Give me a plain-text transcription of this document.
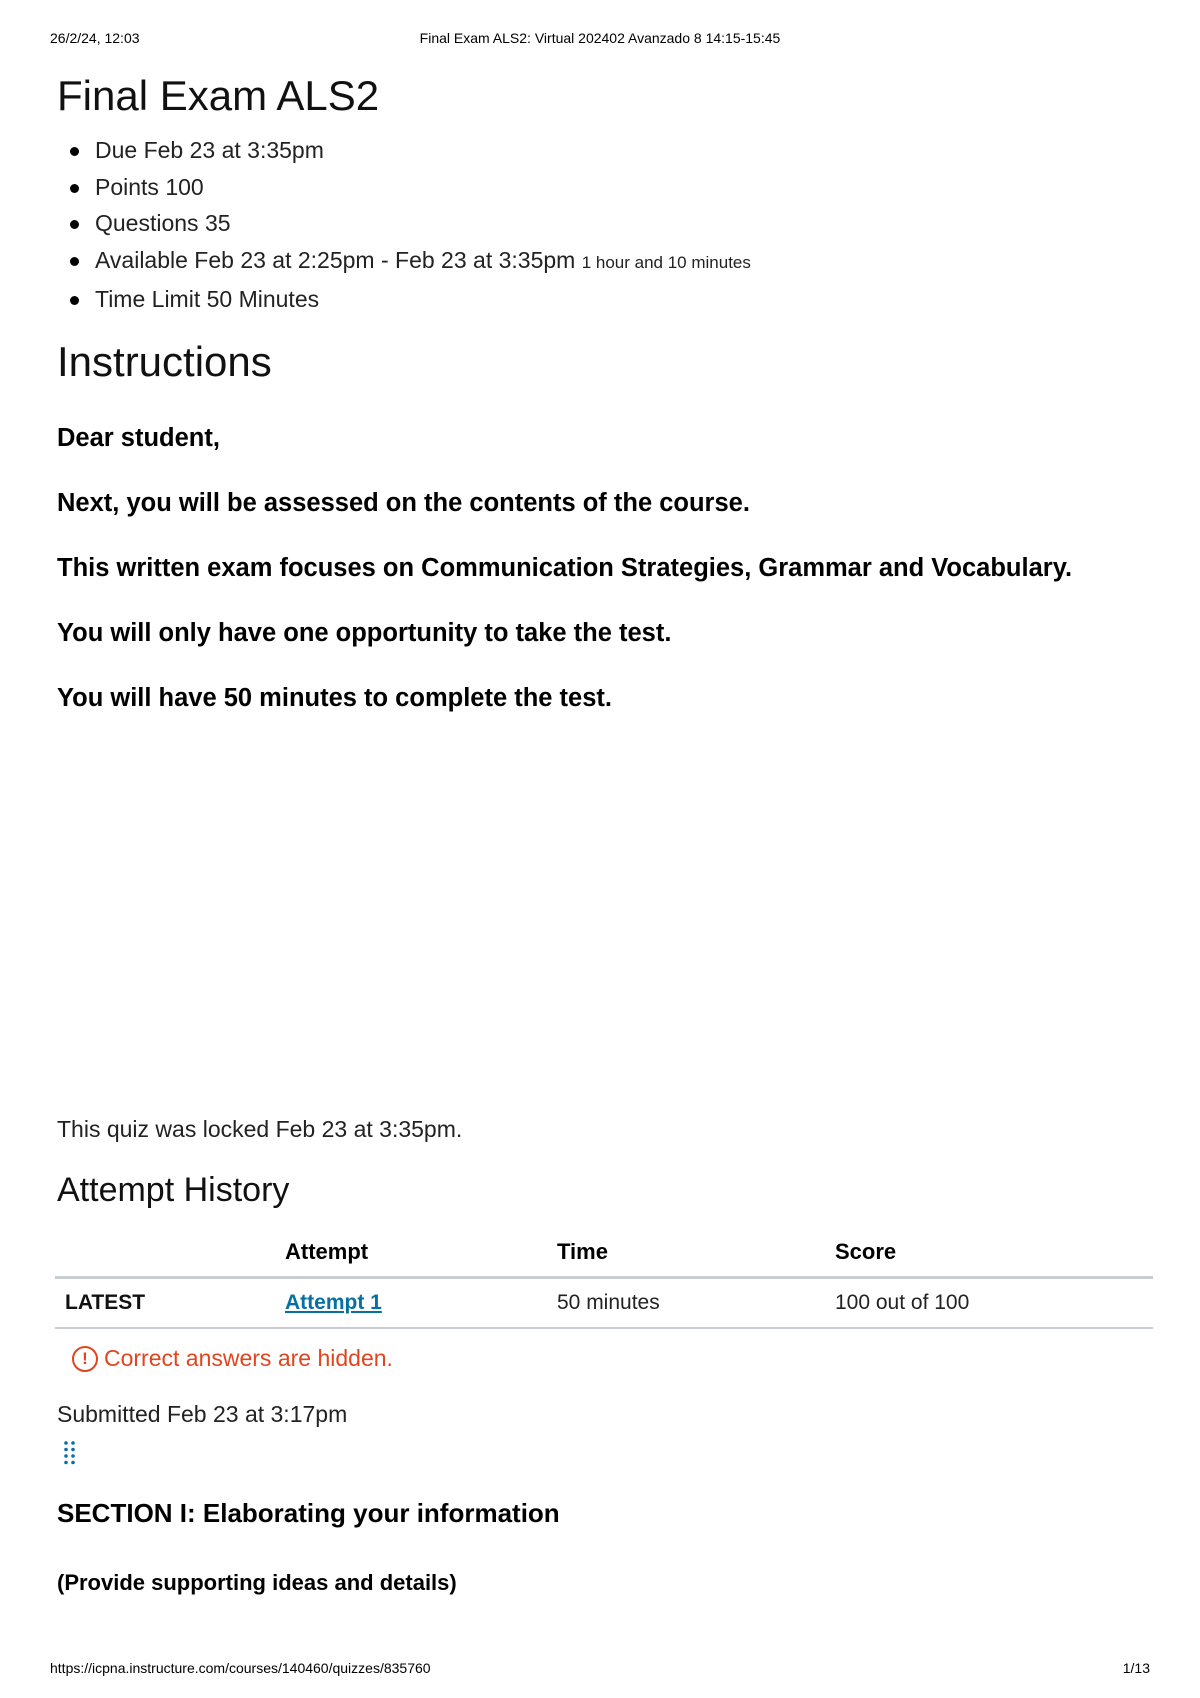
26/2/24, 12:03	Final Exam ALS2: Virtual 202402 Avanzado 8 14:15-15:45
Final Exam ALS2
Due Feb 23 at 3:35pm
Points 100
Questions 35
Available Feb 23 at 2:25pm - Feb 23 at 3:35pm 1 hour and 10 minutes
Time Limit 50 Minutes
Instructions

Dear student,

Next, you will be assessed on the contents of the course.

This written exam focuses on Communication Strategies, Grammar and Vocabulary.

You will only have one opportunity to take the test.

You will have 50 minutes to complete the test.

This quiz was locked Feb 23 at 3:35pm.
Attempt History
	Attempt	Time	Score
LATEST	Attempt 1	50 minutes	100 out of 100
! Correct answers are hidden.
Submitted Feb 23 at 3:17pm
SECTION I: Elaborating your information
(Provide supporting ideas and details)
https://icpna.instructure.com/courses/140460/quizzes/835760	1/13
